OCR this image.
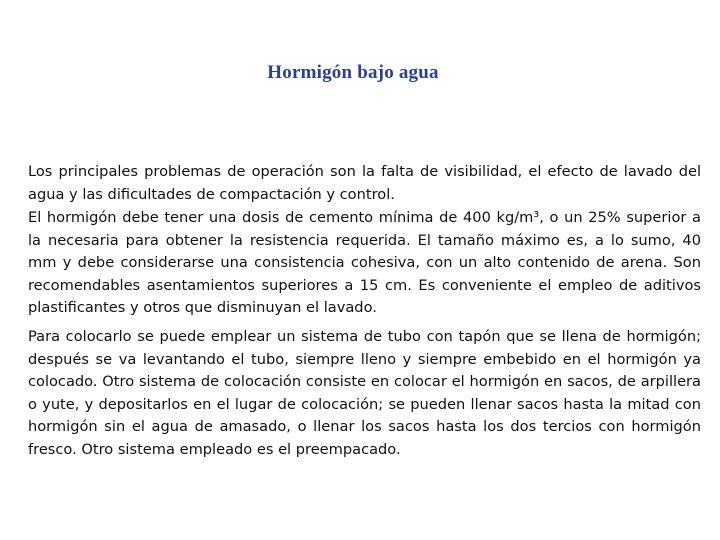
Hormigón bajo agua

Los principales problemas de operación son la falta de visibilidad, el efecto de lavado del agua y las dificultades de compactación y control.

El hormigón debe tener una dosis de cemento mínima de 400 kg/m³, o un 25% superior a la necesaria para obtener la resistencia requerida. El tamaño máximo es, a lo sumo, 40 mm y debe considerarse una consistencia cohesiva, con un alto contenido de arena. Son recomendables asentamientos superiores a 15 cm. Es conveniente el empleo de aditivos plastificantes y otros que disminuyan el lavado.

Para colocarlo se puede emplear un sistema de tubo con tapón que se llena de hormigón; después se va levantando el tubo, siempre lleno y siempre embebido en el hormigón ya colocado. Otro sistema de colocación consiste en colocar el hormigón en sacos, de arpillera o yute, y depositarlos en el lugar de colocación; se pueden llenar sacos hasta la mitad con hormigón sin el agua de amasado, o llenar los sacos hasta los dos tercios con hormigón fresco. Otro sistema empleado es el preempacado.
